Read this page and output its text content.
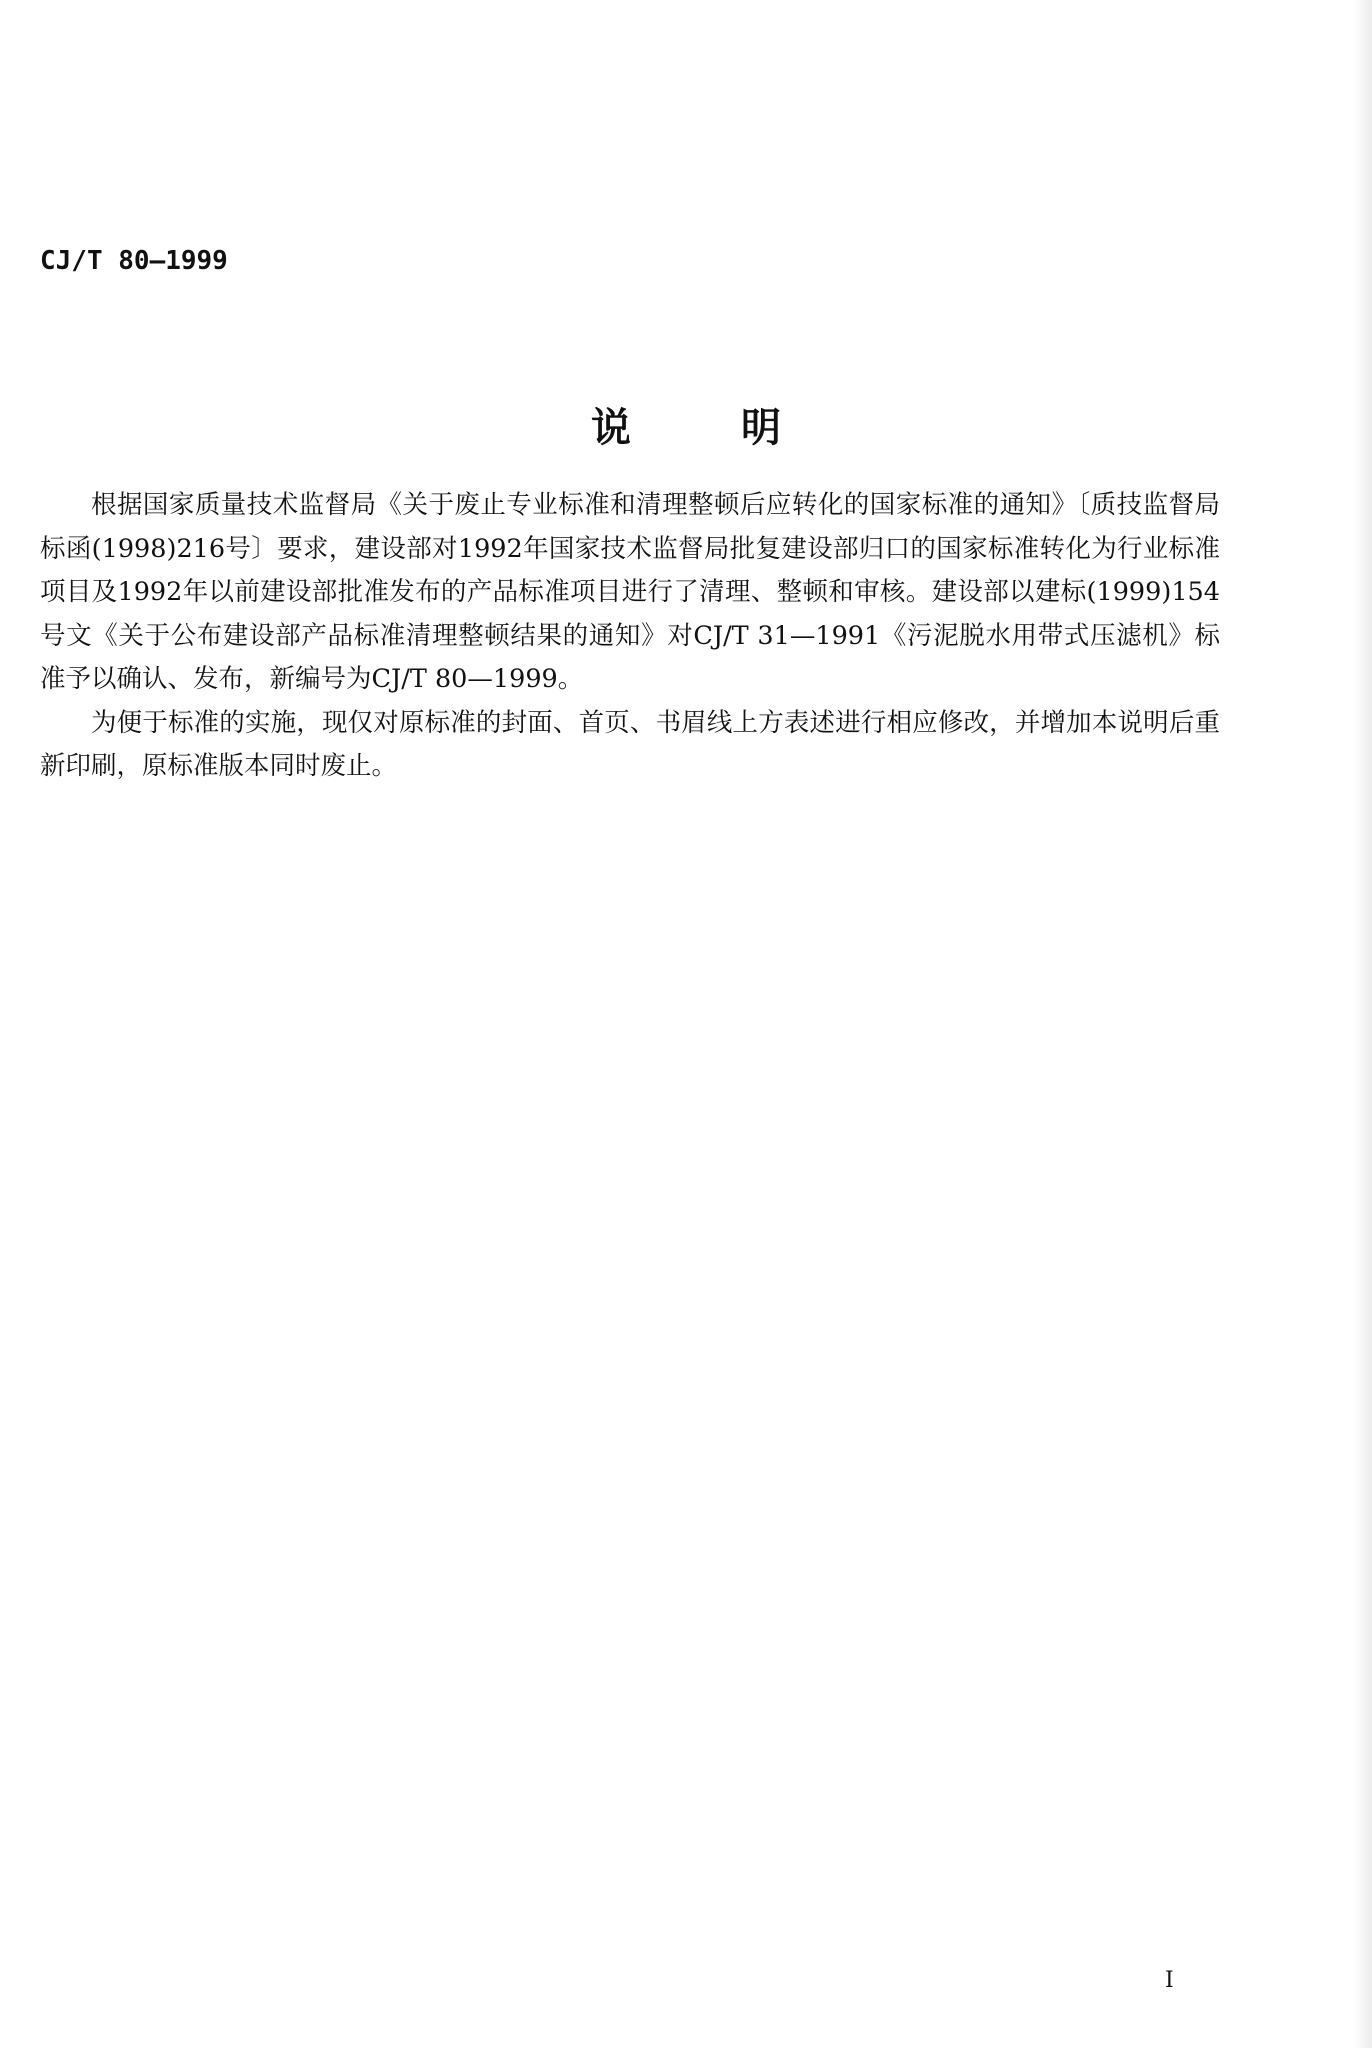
CJ/T 80—1999
说	明

根据国家质量技术监督局《关于废止专业标准和清理整顿后应转化的国家标准的通知》〔质技监督局标函(1998)216号〕要求，建设部对1992年国家技术监督局批复建设部归口的国家标准转化为行业标准项目及1992年以前建设部批准发布的产品标准项目进行了清理、整顿和审核。建设部以建标(1999)154号文《关于公布建设部产品标准清理整顿结果的通知》对CJ/T 31—1991《污泥脱水用带式压滤机》标准予以确认、发布，新编号为CJ/T 80—1999。

为便于标准的实施，现仅对原标准的封面、首页、书眉线上方表述进行相应修改，并增加本说明后重新印刷，原标准版本同时废止。

I
